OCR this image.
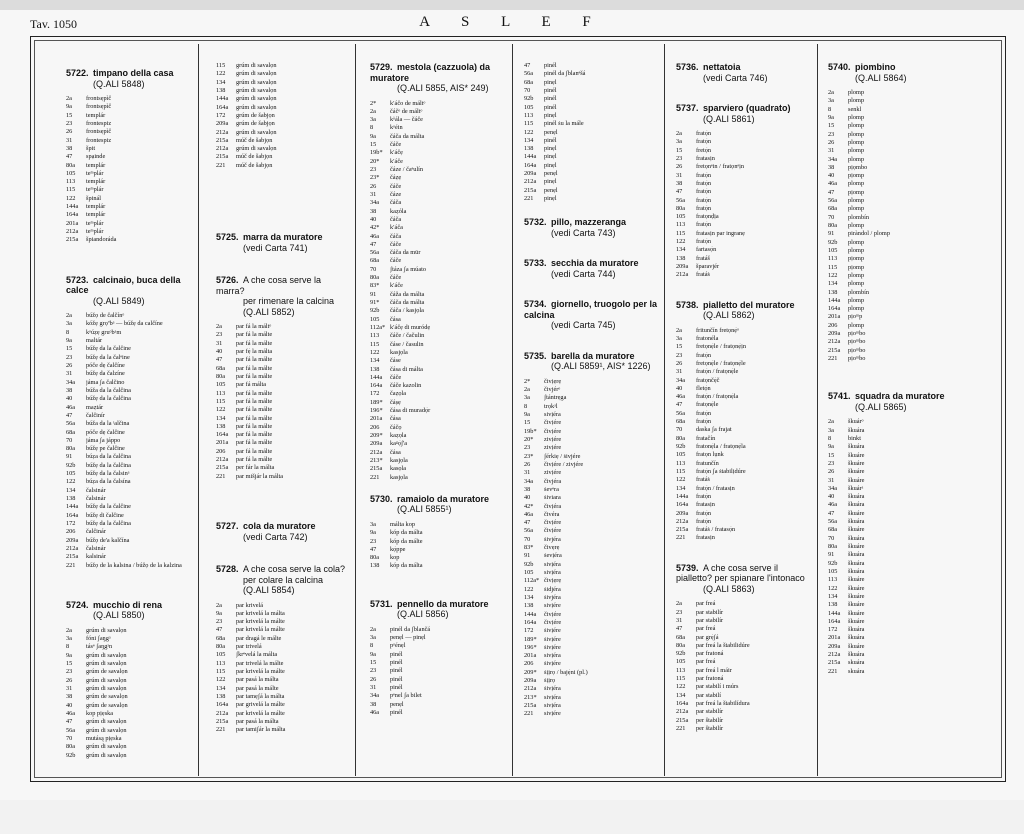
Tav. 1050	A S L E F
5722. timpano della casa
(Q.ALI 5848)
2a	frontsẹpìč
9a	frontsẹpìč
15	templár
23	frontespiz
26	frontsẹpìč
31	frontespiz
38	špit
47	spạinde
80a	templár
105	teᵐplár
113	templár
115	teᵐplár
122	špinál
144a	templár
164a	templár
201a	teᵐplár
212a	teᵐplár
215a	špiandoráda
5723. calcinaio, buca della calce
(Q.ALI 5849)
2a	búžọ de čalčínᵒ
3a	kóžẹ grọªbᵃ — búžẹ da calčíne
8	kᵒúẓẹ gruᵒbᵃm
9a	maltár
15	búžẹ da la čalčine
23	búžẹ da la čalᵉine
26	póče dẹ čalčíne
31	búžẹ da čalzíne
34a	jáma ʃa čalčino
38	búža da la čalčina
40	búžẹ da la čalčina
46a	maẓtár
47	čalčinír
56a	búža da la ᵗalčina
68a	póče dẹ čalčine
70	jáma ʃa jáppo
80a	búžẹ pe čalčine
91	búẓa da la čalčina
92b	búžẹ da la čalčina
105	búžẹ da la čalsinᵃ
122	búẓa da la čalsína
134	čalsinár
138	čalsinár
144a	búžẹ da la čalčine
164a	búžẹ di čalčine
172	búžẹ da la čalčina
206	čalčinár
209a	búžọ de'a kalčína
212a	čalsinár
215a	kalsinár
221	búžọ de la kalsina / búžọ de la kalzina
5724. mucchio di rena
(Q.ALI 5850)
2a	grúm di savalọn
3a	fóni ʃaŋ̣gᵃ
8	tásᵉ ʃaŋ̣gᵃn
9a	grúm di savalọn
15	grúm di savalọn
23	grúm de savalọn
26	grúm di savalọn
31	grúm di savalọn
38	grúm de savalọn
40	grúm de savalọn
46a	kop pịẹska
47	grúm di savalọn
56a	grúm di savalọn
70	mutásą pịẹska
80a	grúm di savalọn
92b	grúm di savalọn
115	grúm di savalọn
122	grúm di savalọn
134	grúm di savalọn
138	grúm di savalọn
144a	grúm di savalọn
164a	grúm di savalọn
172	grúm de šabjọn
209a	grúm de šabjọn
212a	grúm di savalọn
215a	múč de šabjọn
212a	grúm di savalọn
215a	múč de šabjọn
221	múč de šabjọn
5725. marra da muratore
(vedi Carta 741)
5726. A che cosa serve la marra?
per rimenare la calcina
(Q.ALI 5852)
2a	par fá la máltᵒ
23	par fá la málte
31	par fá la málte
40	par fẹ́ la málta
47	par fá la málte
68a	par fá la málte
80a	par fá la málte
105	par fá málta
113	par fá la málte
115	par fá la málte
122	par fá la málte
134	par fá la málte
138	par fá la málte
164a	par fá la málte
201a	par fá la málte
206	par fá la málte
212a	par fá la málte
215a	per fár la málta
221	par mišjár la málta
5727. cola da muratore
(vedi Carta 742)
5728. A che cosa serve la cola?
per colare la calcina
(Q.ALI 5854)
2a	par krivelá
9a	par krivelá la málta
23	par krivelá la málte
47	par krivelá la málte
68a	par dragá le málte
80a	par trivelá
105	ʃkrᵉvelá la málta
113	par trivelá la málte
115	par krivelá la málte
122	par pasá la málta
134	par pasá la málte
138	par tamẹʃá la málta
164a	par grivelá la málte
212a	par krivelá la málte
215a	par pasá la málta
221	par tamiʃár la málta
5729. mestola (cazzuola) da muratore
(Q.ALI 5855, AIS* 249)
2*	kʹáčo de máltᵒ
2a	čáčᵒ de máltᵒ
3a	kᵒ́ála — čáče
8	kᵒéin
9a	čáča da málta
15	čáče
19b*	kʹáčẹ
20*	kʹáče
23	čáze / čaᵉulín
23*	čáẓẹ
26	čáče
31	čáze
34a	čáča
38	kaẓóla
40	čáča
42*	kʹáča
46a	čáča
47	čáče
56a	čáča da mūr
68a	čáče
70	ʃtáza ʃa múato
80a	čáče
83*	kʹáče
91	čáža da málta
91*	čáča da málta
92b	čáča / kasjọla
105	čása
112a* kʹáčẹ di muródẹ
113	čáče / čačulin
115	čáse / časulin
122	kasjọla
134	čáse
138	čása di málta
144a	čáče
164a	čáče kazolin
172	čaẓọla
189*	čáṣẹ
196*	čása di muradọ́r
201a	čása
206	čáčọ
209*	kaẓọla
209a	kaᵍọ́ʃ'a
212a	čása
213*	kasjọla
215a	kasọla
221	kasjọla
5730. ramaiolo da muratore
(Q.ALI 5855¹)
3a	málta kop
9a	kóp da málta
23	kóp da málte
47	kọ́ppe
80a	kop
138	kóp da málta
5731. pennello da muratore
(Q.ALI 5856)
2a	pinél da ʃblančá
3a	penẹl — pinẹl
8	pᵒénẹl
9a	pinél
15	pinél
23	pinél
26	pinél
31	pinél
34a	pᵉnel ʃa bilet
38	penẹl
46a	pinél
47	pinél
56a	pinél da ʃblanᵉšá
68a	pinẹl
70	pinél
92b	pinél
105	pinél
113	pinẹl
115	pinél ṡu la mále
122	penẹl
134	pinél
138	pinẹl
144a	pinẹl
164a	pinẹl
209a	penẹl
212a	pinẹl
215a	penẹl
221	pinẹl
5732. pillo, mazzeranga
(vedi Carta 743)
5733. secchia da muratore
(vedi Carta 744)
5734. giornello, truogolo per la calcina
(vedi Carta 745)
5735. barella da muratore
(Q.ALI 5859¹, AIS* 1226)
2*	čivịẹrẹ
2a	čivjérᵒ
3a	ʃtántrẹga
8	trọkᵃl
9a	sivịéra
15	čivịére
19b*	čivịére
20*	zivịére
23	zivịére
23*	ʃérkiẹ / ṡivjére
26	čivịére / zivjére
31	zivịére
34a	čivjéra
38	ṡevᵉra
40	ṡiviara
42*	čivịéra
46a	čivéra
47	čivịére
56a	čivịére
70	ṡivjéra
83*	čivẹrẹ
91	ṡevịéra
92b	sivịéra
105	sivịéra
112a* čivịẹrẹ
122	ṡidjéra
134	ṡivjéra
138	sivịére
144a	čivịére
164a	čivịére
172	ṡivịére
189*	ṡivịére
196*	ṡivịére
201a	sivịéra
206	ṡivịére
209*	ṡịịrọ / bajẹ́ni (pl.)
209a	ṡịịrọ
212a	ṡivịéra
213*	sivịéra
215a	sivịéra
221	sivịére
5736. nettatoia
(vedi Carta 746)
5737. sparviero (quadrato)
(Q.ALI 5861)
2a	fratọ́n
3a	fratọ́n
15	fretọ́n
23	fratasịn
26	fretọnᵉin / fratọnᵉịn
31	fratọ́n
38	fratọ́n
47	fratọ́n
56a	fratọ́n
80a	fratọ́n
105	fratọnḍịa
113	fratọ́n
115	fratasịn par ingranẹ
122	fratọ́n
134	fartasọ́n
138	fratáš
209a	šparavjér
212a	fratáṡ
5738. pialletto del muratore
(Q.ALI 5862)
2a	fritunčín fretọnẹ́ᵒ
3a	fratonéla
15	fretọnẹ́le / fratọnẹ́ịn
23	fratọ́n
26	fretọnẹ́le / fratọnẹ́le
31	fratọ́n / fratọnẹ́le
34a	fratọnčẹ́č
40	fletọ́n
46a	fratọ́n / fratọnẹ́la
47	fratọnẹ́le
56a	fratọ́n
68a	fratọ́n
70	daska ʃa frajat
80a	fratačín
92b	fratonẹ́la / fratọnẹ́la
105	fratọn lụnk
113	fratunčín
115	fratọ́n ʃa ṡtabilịdúre
122	fratáṡ
134	fratọ́n / fratasịn
144a	fratọ́n
164a	fratasịn
209a	fratọ́n
212a	fratọ́n
215a	fratáṡ / fratasọ́n
221	fratasịn
5739. A che cosa serve il pialletto? per spianare l'intonaco
(Q.ALI 5863)
2a	par freá
23	par stabilír
31	par stabilír
47	par freá
68a	par grẹ́ʃá
80a	par freá la štabilidúre
92b	par fratoná
105	par freá
113	par freá l máir
115	par fratoná
122	par stabilí i múrs
134	par stabilí
164a	par freá la štabilídura
212a	par stabilír
215a	per štabilír
221	per štabilír
5740. piombino
(Q.ALI 5864)
2a	plomp
3a	plomp
8	senkl
9a	plomp
15	plomp
23	plomp
26	plomp
31	plomp
34a	plomp
38	pịọmbo
40	pịomp
46a	plomp
47	pịomp
56a	plomp
68a	plomp
70	plombín
80a	plomp
91	piràndol / plomp
92b	plomp
105	plomp
113	pịomp
115	pịomp
122	plomp
134	plomp
138	plombín
144a	plomp
164a	plomp
201a	pịoᵐp
206	plomp
209a	pịoᵐbo
212a	pịoᵐbo
215a	pịoᵐbo
221	pịoᵐbo
5741. squadra da muratore
(Q.ALI 5865)
2a	škuárᵒ
3a	škuára
8	binkt
9a	škuára
15	škuáre
23	škuáre
26	škuáre
31	škuáre
34a	škuárᵃ
40	škuára
46a	škuára
47	škuáre
56a	škuára
68a	škuáre
70	škuára
80a	škuáre
91	škuára
92b	škuára
105	škuára
113	škuáre
122	škuáre
134	škuáre
138	škuáre
144a	škuáre
164a	škuáre
172	škuára
201a	škuára
209a	škuáre
212a	škuára
215a	skuára
221	skuára
